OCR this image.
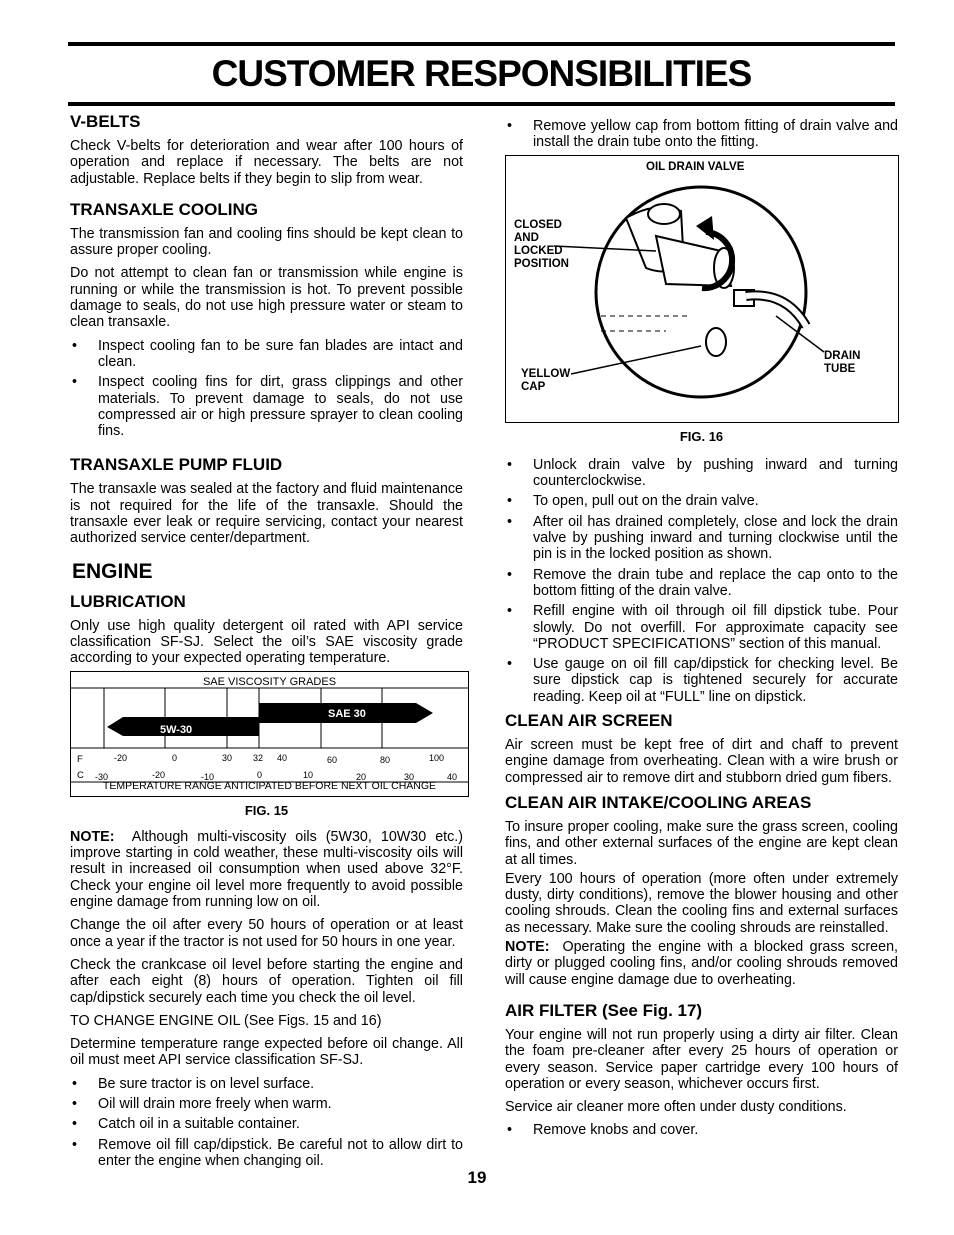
CUSTOMER RESPONSIBILITIES
V-BELTS

Check V-belts for deterioration and wear after 100 hours of operation and replace if necessary. The belts are not adjustable. Replace belts if they begin to slip from wear.

TRANSAXLE COOLING

The transmission fan and cooling fins should be kept clean to assure proper cooling.

Do not attempt to clean fan or transmission while engine is running or while the transmission is hot. To prevent possible damage to seals, do not use high pressure water or steam to clean transaxle.

• Inspect cooling fan to be sure fan blades are intact and clean.
• Inspect cooling fins for dirt, grass clippings and other materials. To prevent damage to seals, do not use compressed air or high pressure sprayer to clean cooling fins.
TRANSAXLE PUMP FLUID

The transaxle was sealed at the factory and fluid maintenance is not required for the life of the transaxle. Should the transaxle ever leak or require servicing, contact your nearest authorized service center/department.

ENGINE
LUBRICATION

Only use high quality detergent oil rated with API service classification SF-SJ. Select the oil’s SAE viscosity grade according to your expected operating temperature.

SAE VISCOSITY GRADES
SAE 30
5W-30
F
C
-20	0	30 32 40	60	80	100
-30	-20	-10	0	10	20	30	40
TEMPERATURE RANGE ANTICIPATED BEFORE NEXT OIL CHANGE
FIG. 15

NOTE: Although multi-viscosity oils (5W30, 10W30 etc.) improve starting in cold weather, these multi-viscosity oils will result in increased oil consumption when used above 32°F. Check your engine oil level more frequently to avoid possible engine damage from running low on oil.

Change the oil after every 50 hours of operation or at least once a year if the tractor is not used for 50 hours in one year.

Check the crankcase oil level before starting the engine and after each eight (8) hours of operation. Tighten oil fill cap/dipstick securely each time you check the oil level.

TO CHANGE ENGINE OIL (See Figs. 15 and 16)

Determine temperature range expected before oil change. All oil must meet API service classification SF-SJ.

• Be sure tractor is on level surface.
• Oil will drain more freely when warm.
• Catch oil in a suitable container.
• Remove oil fill cap/dipstick. Be careful not to allow dirt to enter the engine when changing oil.
• Remove yellow cap from bottom fitting of drain valve and install the drain tube onto the fitting.
OIL DRAIN VALVE
CLOSED
AND
LOCKED
POSITION
YELLOW
CAP
DRAIN
TUBE
FIG. 16
• Unlock drain valve by pushing inward and turning counterclockwise.
• To open, pull out on the drain valve.
• After oil has drained completely, close and lock the drain valve by pushing inward and turning clockwise until the pin is in the locked position as shown.
• Remove the drain tube and replace the cap onto to the bottom fitting of the drain valve.
• Refill engine with oil through oil fill dipstick tube. Pour slowly. Do not overfill. For approximate capacity see “PRODUCT SPECIFICATIONS” section of this manual.
• Use gauge on oil fill cap/dipstick for checking level. Be sure dipstick cap is tightened securely for accurate reading. Keep oil at “FULL” line on dipstick.
CLEAN AIR SCREEN

Air screen must be kept free of dirt and chaff to prevent engine damage from overheating. Clean with a wire brush or compressed air to remove dirt and stubborn dried gum fibers.

CLEAN AIR INTAKE/COOLING AREAS

To insure proper cooling, make sure the grass screen, cooling fins, and other external surfaces of the engine are kept clean at all times.

Every 100 hours of operation (more often under extremely dusty, dirty conditions), remove the blower housing and other cooling shrouds. Clean the cooling fins and external surfaces as necessary. Make sure the cooling shrouds are reinstalled.

NOTE: Operating the engine with a blocked grass screen, dirty or plugged cooling fins, and/or cooling shrouds removed will cause engine damage due to overheating.

AIR FILTER (See Fig. 17)

Your engine will not run properly using a dirty air filter. Clean the foam pre-cleaner after every 25 hours of operation or every season. Service paper cartridge every 100 hours of operation or every season, whichever occurs first.

Service air cleaner more often under dusty conditions.

• Remove knobs and cover.
19
